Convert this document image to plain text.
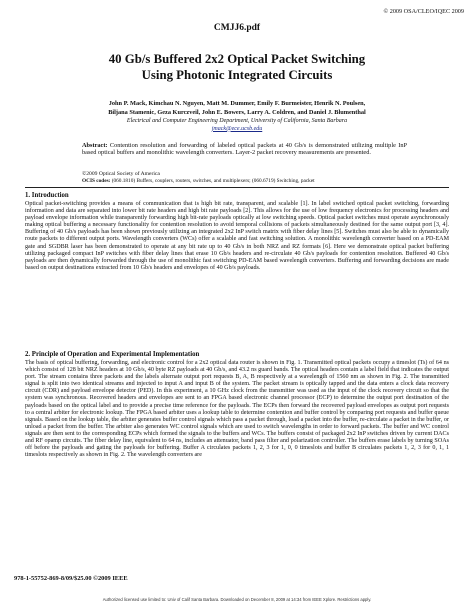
© 2009 OSA/CLEO/IQEC 2009
CMJJ6.pdf
40 Gb/s Buffered 2x2 Optical Packet Switching
Using Photonic Integrated Circuits
John P. Mack, Kimchau N. Nguyen, Matt M. Dummer, Emily F. Burmeister, Henrik N. Poulsen,
Biljana Stamenic, Geza Kurczveil, John E. Bowers, Larry A. Coldren, and Daniel J. Blumenthal
Electrical and Computer Engineering Department, University of California, Santa Barbara
jmack@ece.ucsb.edu
Abstract: Contention resolution and forwarding of labeled optical packets at 40 Gb/s is demonstrated utilizing multiple InP based optical buffers and monolithic wavelength converters. Layer-2 packet recovery measurements are presented.
©2009 Optical Society of America
OCIS codes: (060.1810) Buffers, couplers, routers, switches, and multiplexers; (060.6719) Switching, packet
1. Introduction
Optical packet-switching provides a means of communication that is high bit rate, transparent, and scalable [1]. In label switched optical packet switching, forwarding information and data are separated into lower bit rate headers and high bit rate payloads [2]. This allows for the use of low frequency electronics for processing headers and payload envelope information while transparently forwarding high bit-rate payloads optically at low switching speeds. Optical packet switches must operate asynchronously making optical buffering a necessary functionality for contention resolution to avoid temporal collisions of packets simultaneously destined for the same output port [3, 4]. Buffering of 40 Gb/s payloads has been shown previously utilizing an integrated 2x2 InP switch matrix with fiber delay lines [5]. Switches must also be able to dynamically route packets to different output ports. Wavelength converters (WCs) offer a scalable and fast switching solution. A monolithic wavelength converter based on a PD-EAM gate and SGDBR laser has been demonstrated to operate at any bit rate up to 40 Gb/s in both NRZ and RZ formats [6]. Here we demonstrate optical packet buffering utilizing packaged compact InP switches with fiber delay lines that erase 10 Gb/s headers and re-circulate 40 Gb/s payloads for contention resolution. Buffered 40 Gb/s payloads are then dynamically forwarded through the use of monolithic fast switching PD-EAM based wavelength converters. Buffering and forwarding decisions are made based on output destinations extracted from 10 Gb/s headers and envelopes of 40 Gb/s payloads.
2. Principle of Operation and Experimental Implementation
The basis of optical buffering, forwarding, and electronic control for a 2x2 optical data router is shown in Fig. 1. Transmitted optical packets occupy a timeslot (Ts) of 64 ns which consist of 128 bit NRZ headers at 10 Gb/s, 40 byte RZ payloads at 40 Gb/s, and 43.2 ns guard bands. The optical headers contain a label field that indicates the output port. The stream contains three packets and the labels alternate output port requests B, A, B respectively at a wavelength of 1560 nm as shown in Fig. 2. The transmitted signal is split into two identical streams and injected to input A and input B of the system. The packet stream is optically tapped and the data enters a clock data recovery circuit (CDR) and payload envelope detector (PED). In this experiment, a 10 GHz clock from the transmitter was used as the input of the clock recovery circuit so that the system was synchronous. Recovered headers and envelopes are sent to an FPGA based electronic channel processor (ECP) to determine the output port destination of the payloads based on the optical label and to provide a precise time reference for the payloads. The ECPs then forward the recovered payload envelopes as output port requests to a central arbiter for electronic lookup. The FPGA based arbiter uses a lookup table to determine contention and buffer control by comparing port requests and buffer queue signals. Based on the lookup table, the arbiter generates buffer control signals which pass a packet through, load a packet into the buffer, re-circulate a packet in the buffer, or unload a packet from the buffer. The arbiter also generates WC control signals which are used to switch wavelengths in order to forward packets. The buffer and WC control signals are then sent to the corresponding ECPs which formed the signals to the buffers and WCs. The buffers consist of packaged 2x2 InP switches driven by current DACs and RF opamp circuits. The fiber delay line, equivalent to 64 ns, includes an attenuator, band pass filter and polarization controller. The buffers erase labels by turning SOAs off before the payloads and gating the payloads for buffering. Buffer A circulates packets 1, 2, 3 for 1, 0, 0 timeslots and buffer B circulates packets 1, 2, 3 for 0, 1, 1 timeslots respectively as shown in Fig. 2. The wavelength converters are
978-1-55752-869-8/09/$25.00 ©2009 IEEE
Authorized licensed use limited to: Univ of Calif Santa Barbara. Downloaded on December 8, 2009 at 14:34 from IEEE Xplore. Restrictions apply.
